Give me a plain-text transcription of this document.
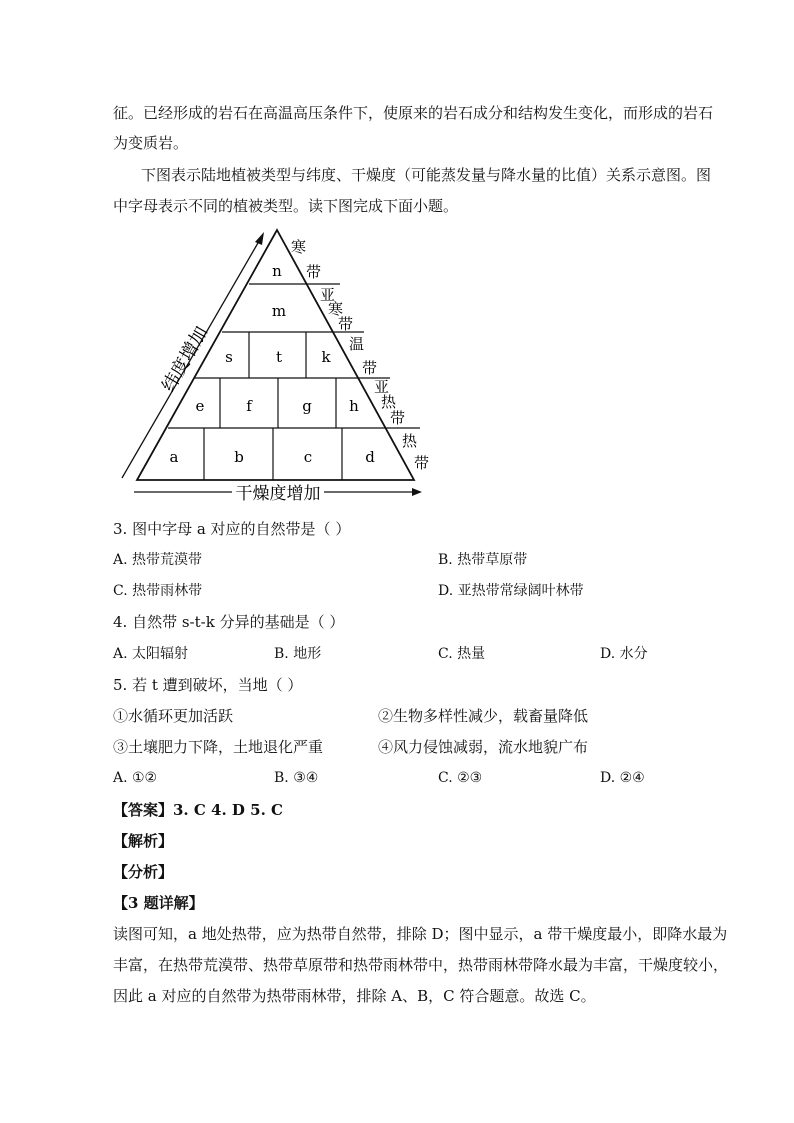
征。已经形成的岩石在高温高压条件下，使原来的岩石成分和结构发生变化，而形成的岩石
为变质岩。
下图表示陆地植被类型与纬度、干燥度（可能蒸发量与降水量的比值）关系示意图。图
中字母表示不同的植被类型。读下图完成下面小题。
n
m
s	t	k
e	f	g h
a	b	c	d
寒
带
亚
寒
带
温
带
亚
热
带
热
带
纬度增加
干燥度增加
3. 图中字母 a 对应的自然带是（ ）
A. 热带荒漠带	B. 热带草原带
C. 热带雨林带	D. 亚热带常绿阔叶林带
4. 自然带 s-t-k 分异的基础是（ ）
A. 太阳辐射	B. 地形	C. 热量	D. 水分
5. 若 t 遭到破坏，当地（ ）
①水循环更加活跃	②生物多样性减少，载畜量降低
③土壤肥力下降，土地退化严重	④风力侵蚀减弱，流水地貌广布
A. ①②	B. ③④	C. ②③	D. ②④
【答案】3. C 4. D 5. C
【解析】
【分析】
【3 题详解】
读图可知，a 地处热带，应为热带自然带，排除 D；图中显示，a 带干燥度最小，即降水最为
丰富，在热带荒漠带、热带草原带和热带雨林带中，热带雨林带降水最为丰富，干燥度较小，
因此 a 对应的自然带为热带雨林带，排除 A、B，C 符合题意。故选 C。
